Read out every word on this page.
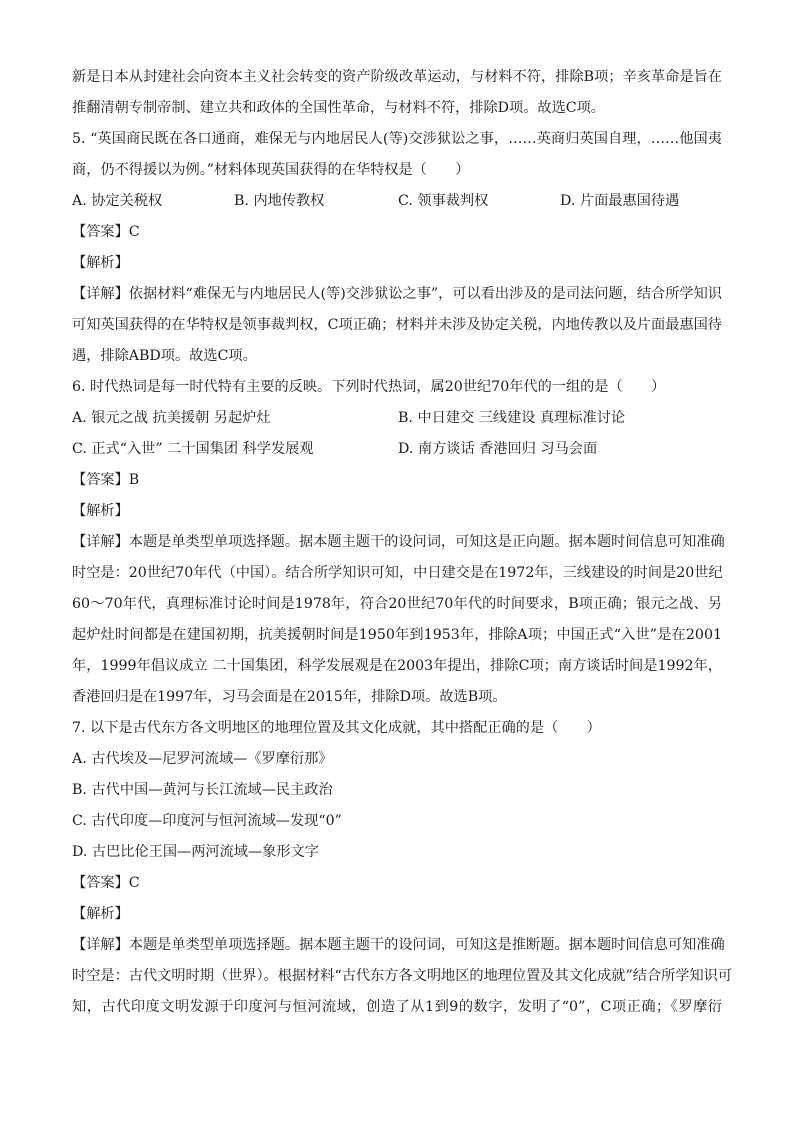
新是日本从封建社会向资本主义社会转变的资产阶级改革运动，与材料不符，排除B项；辛亥革命是旨在
推翻清朝专制帝制、建立共和政体的全国性革命，与材料不符，排除D项。故选C项。
5. “英国商民既在各口通商，难保无与内地居民人(等)交涉狱讼之事，……英商归英国自理，……他国夷
商，仍不得援以为例。”材料体现英国获得的在华特权是（　　）
A. 协定关税权	B. 内地传教权	C. 领事裁判权	D. 片面最惠国待遇
【答案】C
【解析】
【详解】依据材料“难保无与内地居民人(等)交涉狱讼之事”，可以看出涉及的是司法问题，结合所学知识
可知英国获得的在华特权是领事裁判权，C项正确；材料并未涉及协定关税，内地传教以及片面最惠国待
遇，排除ABD项。故选C项。
6. 时代热词是每一时代特有主要的反映。下列时代热词，属20世纪70年代的一组的是（　　）
A. 银元之战 抗美援朝 另起炉灶	B. 中日建交 三线建设 真理标准讨论
C. 正式“入世” 二十国集团 科学发展观	D. 南方谈话 香港回归 习马会面
【答案】B
【解析】
【详解】本题是单类型单项选择题。据本题主题干的设问词，可知这是正向题。据本题时间信息可知准确
时空是：20世纪70年代（中国）。结合所学知识可知，中日建交是在1972年，三线建设的时间是20世纪
60～70年代，真理标准讨论时间是1978年，符合20世纪70年代的时间要求，B项正确；银元之战、另
起炉灶时间都是在建国初期，抗美援朝时间是1950年到1953年，排除A项；中国正式“入世”是在2001
年，1999年倡议成立 二十国集团，科学发展观是在2003年提出，排除C项；南方谈话时间是1992年，
香港回归是在1997年，习马会面是在2015年，排除D项。故选B项。
7. 以下是古代东方各文明地区的地理位置及其文化成就，其中搭配正确的是（　　）
A. 古代埃及—尼罗河流域—《罗摩衍那》
B. 古代中国—黄河与长江流域—民主政治
C. 古代印度—印度河与恒河流域—发现“0”
D. 古巴比伦王国—两河流域—象形文字
【答案】C
【解析】
【详解】本题是单类型单项选择题。据本题主题干的设问词，可知这是推断题。据本题时间信息可知准确
时空是：古代文明时期（世界）。根据材料“古代东方各文明地区的地理位置及其文化成就”结合所学知识可
知，古代印度文明发源于印度河与恒河流域，创造了从1到9的数字，发明了“0”，C项正确；《罗摩衍
